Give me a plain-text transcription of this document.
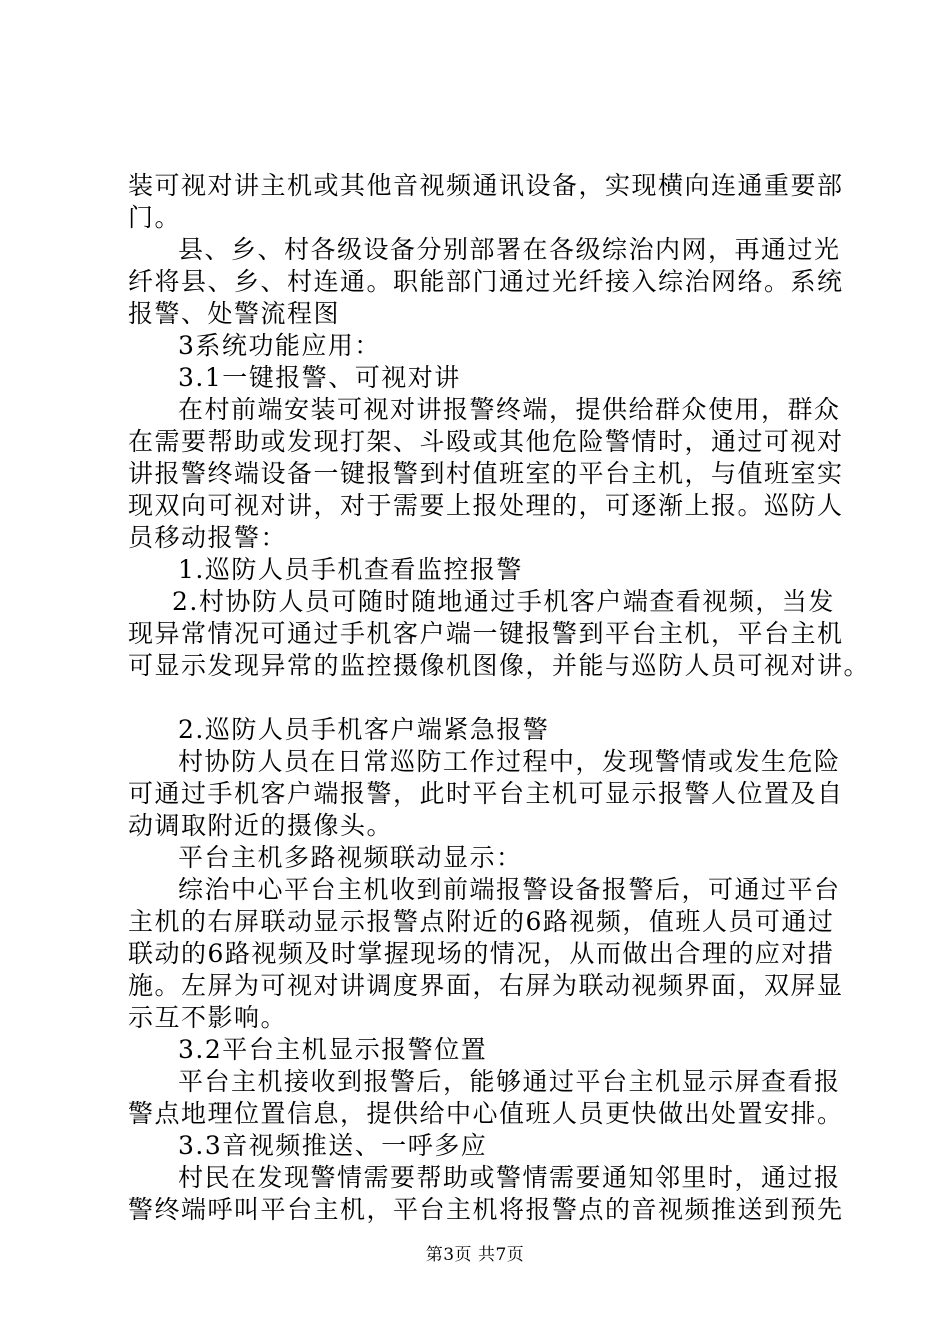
装可视对讲主机或其他音视频通讯设备，实现横向连通重要部
门。
县、乡、村各级设备分别部署在各级综治内网，再通过光
纤将县、乡、村连通。职能部门通过光纤接入综治网络。系统
报警、处警流程图
3系统功能应用：
3.1一键报警、可视对讲
在村前端安装可视对讲报警终端，提供给群众使用，群众
在需要帮助或发现打架、斗殴或其他危险警情时，通过可视对
讲报警终端设备一键报警到村值班室的平台主机，与值班室实
现双向可视对讲，对于需要上报处理的，可逐渐上报。巡防人
员移动报警：
1.巡防人员手机查看监控报警
2.村协防人员可随时随地通过手机客户端查看视频，当发
现异常情况可通过手机客户端一键报警到平台主机，平台主机
可显示发现异常的监控摄像机图像，并能与巡防人员可视对讲。
2.巡防人员手机客户端紧急报警
村协防人员在日常巡防工作过程中，发现警情或发生危险
可通过手机客户端报警，此时平台主机可显示报警人位置及自
动调取附近的摄像头。
平台主机多路视频联动显示：
综治中心平台主机收到前端报警设备报警后，可通过平台
主机的右屏联动显示报警点附近的6路视频，值班人员可通过
联动的6路视频及时掌握现场的情况，从而做出合理的应对措
施。左屏为可视对讲调度界面，右屏为联动视频界面，双屏显
示互不影响。
3.2平台主机显示报警位置
平台主机接收到报警后，能够通过平台主机显示屏查看报
警点地理位置信息，提供给中心值班人员更快做出处置安排。
3.3音视频推送、一呼多应
村民在发现警情需要帮助或警情需要通知邻里时，通过报
警终端呼叫平台主机，平台主机将报警点的音视频推送到预先
第3页 共7页
